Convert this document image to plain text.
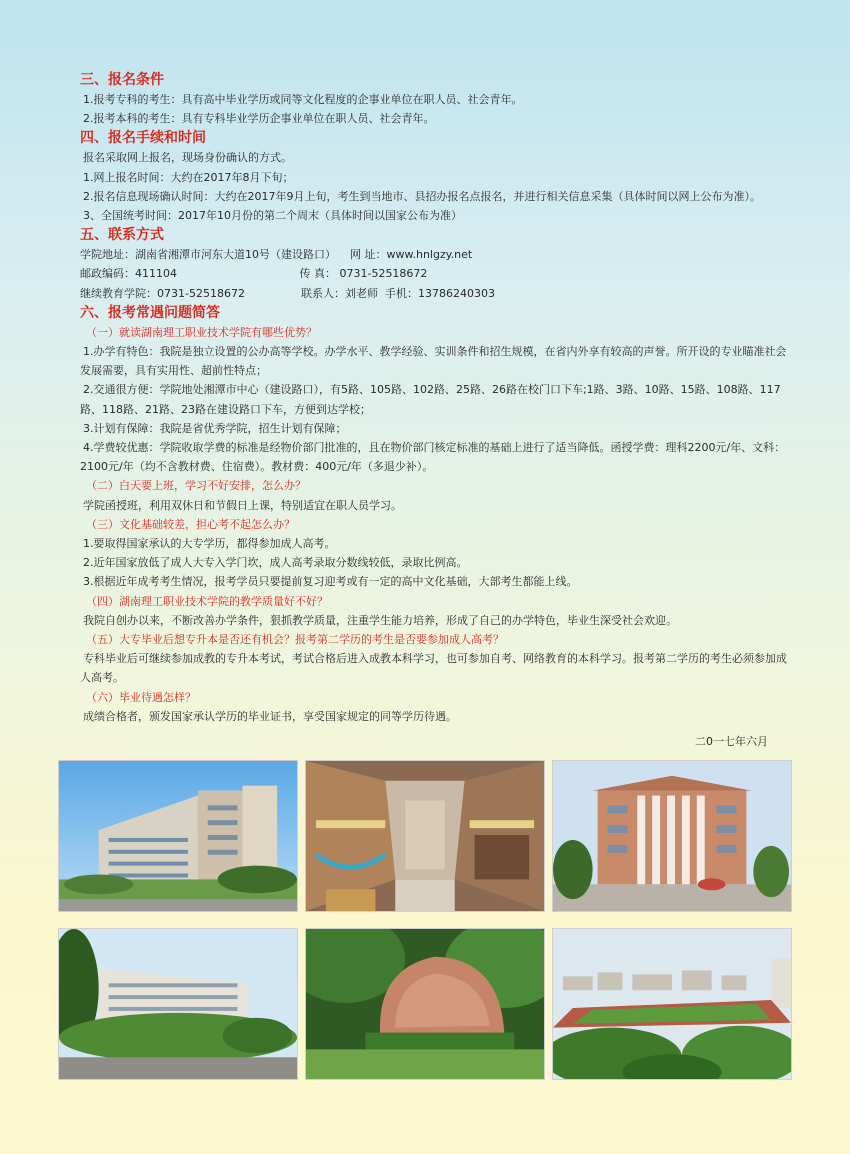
三、报名条件

1.报考专科的考生：具有高中毕业学历或同等文化程度的企事业单位在职人员、社会青年。

2.报考本科的考生：具有专科毕业学历企事业单位在职人员、社会青年。

四、报名手续和时间

报名采取网上报名，现场身份确认的方式。

1.网上报名时间：大约在2017年8月下旬；

2.报名信息现场确认时间：大约在2017年9月上旬，考生到当地市、县招办报名点报名，并进行相关信息采集（具体时间以网上公布为准）。

3、全国统考时间：2017年10月份的第二个周末（具体时间以国家公布为准）

五、联系方式

学院地址：湖南省湘潭市河东大道10号（建设路口） 网 址：www.hnlgzy.net

邮政编码：411104	传 真： 0731-52518672

继续教育学院：0731-52518672	联系人：刘老师  手机：13786240303

六、报考常遇问题简答

（一）就读湖南理工职业技术学院有哪些优势？

1.办学有特色：我院是独立设置的公办高等学校。办学水平、教学经验、实训条件和招生规模，在省内外享有较高的声誉。所开设的专业瞄准社会发展需要，具有实用性、超前性特点；

2.交通很方便：学院地处湘潭市中心（建设路口），有5路、105路、102路、25路、26路在校门口下车;1路、3路、10路、15路、108路、117路、118路、21路、23路在建设路口下车，方便到达学校；

3.计划有保障：我院是省优秀学院，招生计划有保障；

4.学费较优惠：学院收取学费的标准是经物价部门批准的，且在物价部门核定标准的基础上进行了适当降低。函授学费：理科2200元/年、文科：2100元/年（均不含教材费、住宿费）。教材费：400元/年（多退少补）。

（二）白天要上班，学习不好安排，怎么办？

学院函授班，利用双休日和节假日上课，特别适宜在职人员学习。

（三）文化基础较差，担心考不起怎么办？

1.要取得国家承认的大专学历，都得参加成人高考。

2.近年国家放低了成人大专入学门坎，成人高考录取分数线较低，录取比例高。

3.根据近年成考考生情况，报考学员只要提前复习迎考或有一定的高中文化基础，大部考生都能上线。

（四）湖南理工职业技术学院的教学质量好不好？

我院自创办以来，不断改善办学条件，狠抓教学质量，注重学生能力培养，形成了自己的办学特色，毕业生深受社会欢迎。

（五）大专毕业后想专升本是否还有机会？报考第二学历的考生是否要参加成人高考？

专科毕业后可继续参加成教的专升本考试，考试合格后进入成教本科学习，也可参加自考、网络教育的本科学习。报考第二学历的考生必须参加成人高考。

（六）毕业待遇怎样？

成绩合格者，颁发国家承认学历的毕业证书，享受国家规定的同等学历待遇。

二0一七年六月
